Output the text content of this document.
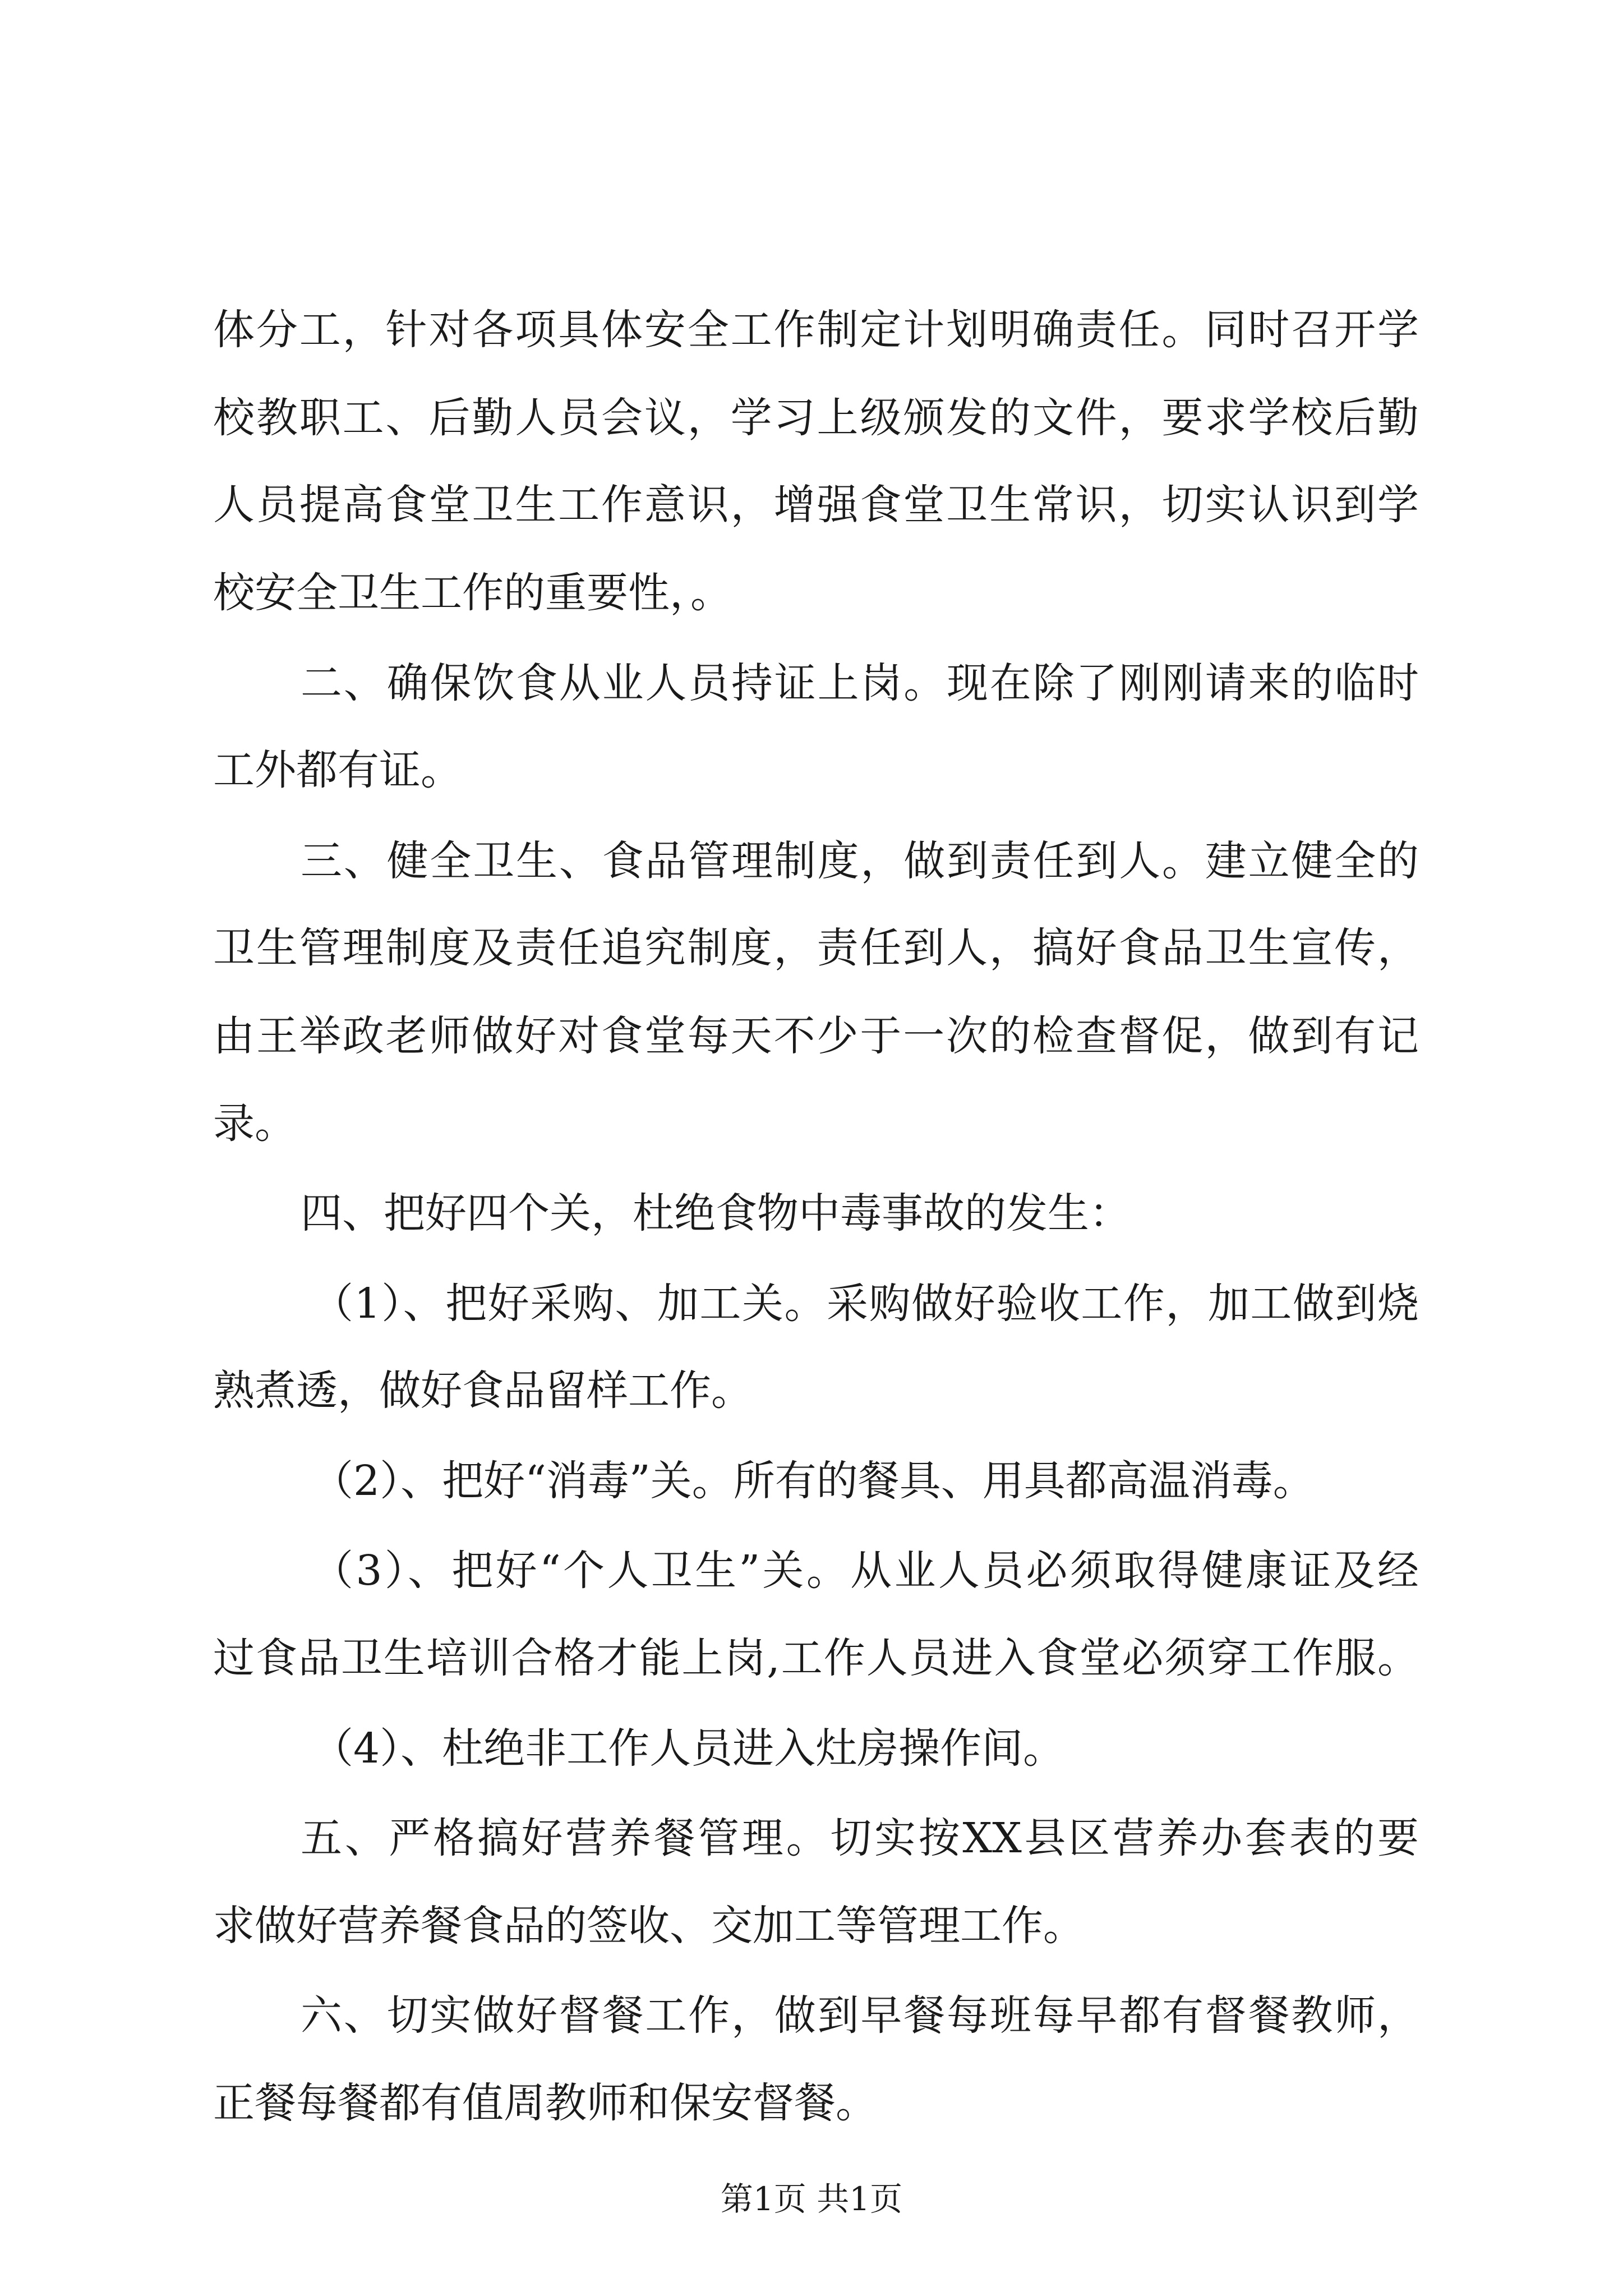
体分工，针对各项具体安全工作制定计划明确责任。同时召开学
校教职工、后勤人员会议，学习上级颁发的文件，要求学校后勤
人员提高食堂卫生工作意识，增强食堂卫生常识，切实认识到学
校安全卫生工作的重要性，。
二、确保饮食从业人员持证上岗。现在除了刚刚请来的临时
工外都有证。
三、健全卫生、食品管理制度，做到责任到人。建立健全的
卫生管理制度及责任追究制度，责任到人，搞好食品卫生宣传，
由王举政老师做好对食堂每天不少于一次的检查督促，做到有记
录。
四、把好四个关，杜绝食物中毒事故的发生：
（1）、把好采购、加工关。采购做好验收工作，加工做到烧
熟煮透，做好食品留样工作。
（2）、把好“消毒”关。所有的餐具、用具都高温消毒。
（3）、把好“个人卫生”关。从业人员必须取得健康证及经
过食品卫生培训合格才能上岗,工作人员进入食堂必须穿工作服。
（4）、杜绝非工作人员进入灶房操作间。
五、严格搞好营养餐管理。切实按XX县区营养办套表的要
求做好营养餐食品的签收、交加工等管理工作。
六、切实做好督餐工作，做到早餐每班每早都有督餐教师，
正餐每餐都有值周教师和保安督餐。
第1页 共1页
